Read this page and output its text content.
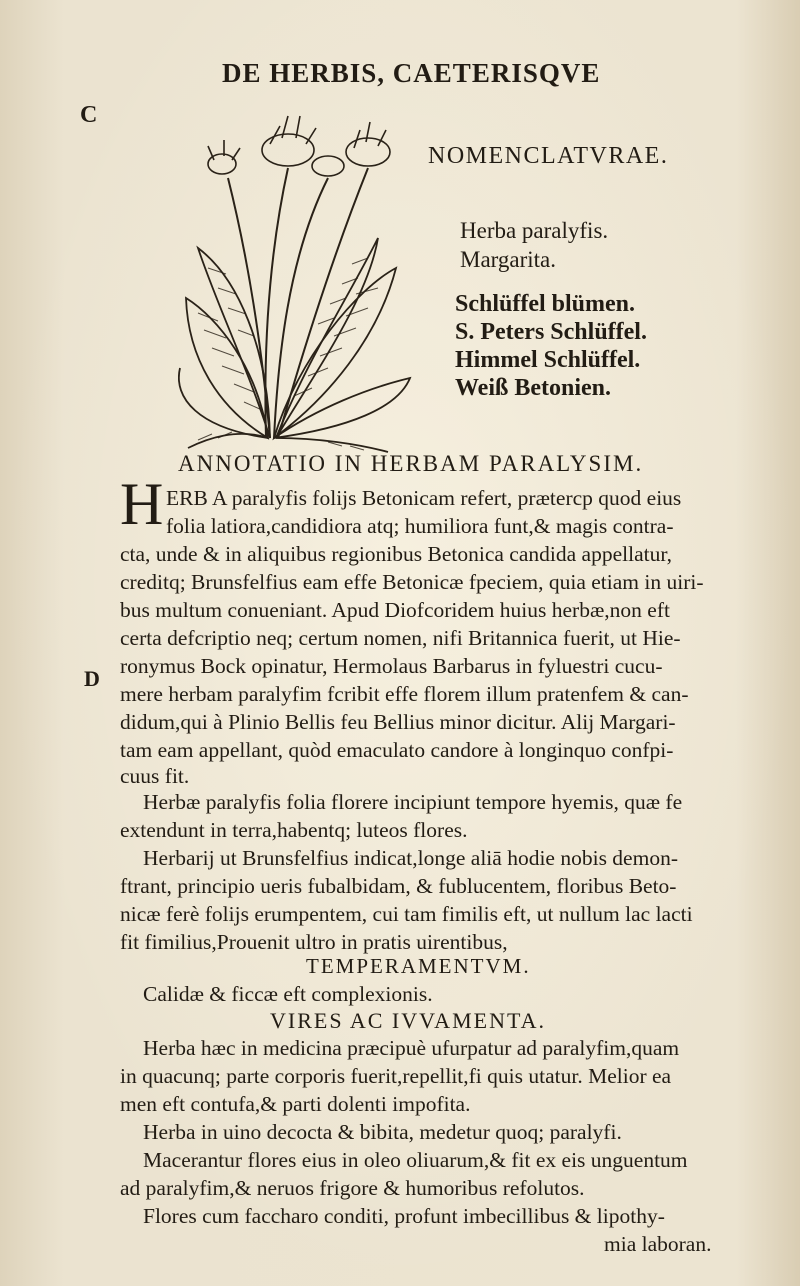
DE HERBIS, CAETERISQVE
C
D
NOMENCLATVRAE.
Herba paralyfis.
Margarita.
Schlüffel blümen.
S. Peters Schlüffel.
Himmel Schlüffel.
Weiß Betonien.
ANNOTATIO IN HERBAM PARALYSIM.
H ERB A paralyfis folijs Betonicam refert, prætercp quod eius
folia latiora,candidiora atq; humiliora funt,& magis contra-
cta, unde & in aliquibus regionibus Betonica candida appellatur,
creditq; Brunsfelfius eam effe Betonicæ fpeciem, quia etiam in uiri-
bus multum conueniant. Apud Diofcoridem huius herbæ,non eft
certa defcriptio neq; certum nomen, nifi Britannica fuerit, ut Hie-
ronymus Bock opinatur, Hermolaus Barbarus in fyluestri cucu-
mere herbam paralyfim fcribit effe florem illum pratenfem & can-
didum,qui à Plinio Bellis feu Bellius minor dicitur. Alij Margari-
tam eam appellant, quòd emaculato candore à longinquo confpi-
cuus fit.
Herbæ paralyfis folia florere incipiunt tempore hyemis, quæ fe
extendunt in terra,habentq; luteos flores.
Herbarij ut Brunsfelfius indicat,longe aliā hodie nobis demon-
ftrant, principio ueris fubalbidam, & fublucentem, floribus Beto-
nicæ ferè folijs erumpentem, cui tam fimilis eft, ut nullum lac lacti
fit fimilius,Prouenit ultro in pratis uirentibus,
TEMPERAMENTVM.
Calidæ & ficcæ eft complexionis.
VIRES AC IVVAMENTA.
Herba hæc in medicina præcipuè ufurpatur ad paralyfim,quam
in quacunq; parte corporis fuerit,repellit,fi quis utatur. Melior ea
men eft contufa,& parti dolenti impofita.
Herba in uino decocta & bibita, medetur quoq; paralyfi.
Macerantur flores eius in oleo oliuarum,& fit ex eis unguentum
ad paralyfim,& neruos frigore & humoribus refolutos.
Flores cum faccharo conditi, profunt imbecillibus & lipothy-
mia laboran.
